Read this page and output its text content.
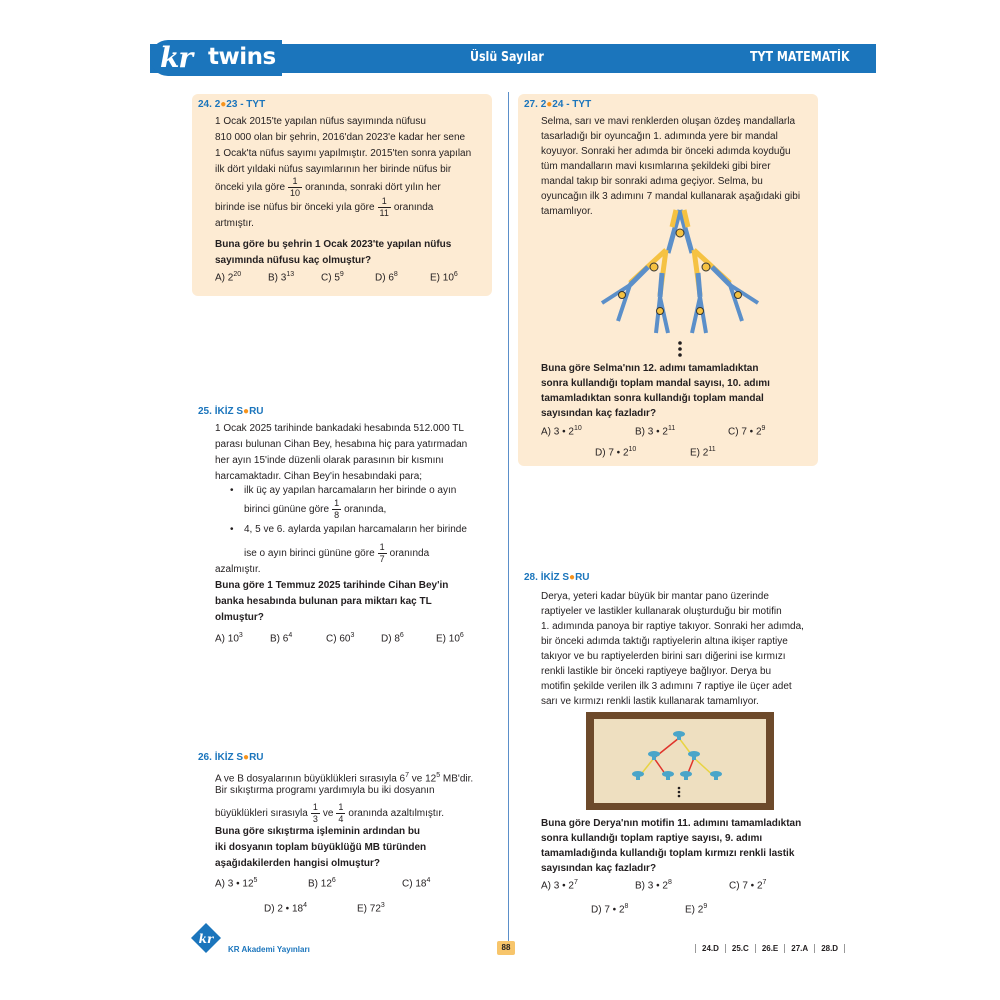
kr twins	Üslü Sayılar	TYT MATEMATİK
24. 2●23 - TYT
1 Ocak 2015'te yapılan nüfus sayımında nüfusu
810 000 olan bir şehrin, 2016'dan 2023'e kadar her sene
1 Ocak'ta nüfus sayımı yapılmıştır. 2015'ten sonra yapılan
ilk dört yıldaki nüfus sayımlarının her birinde nüfus bir
önceki yıla göre $\frac{1}{10}$ oranında, sonraki dört yılın her
birinde ise nüfus bir önceki yıla göre $\frac{1}{11}$ oranında
artmıştır.
Buna göre bu şehrin 1 Ocak 2023'te yapılan nüfus
sayımında nüfusu kaç olmuştur?
A) $2^{20}$	B) $3^{13}$	C) $5^9$	D) $6^8$	E) $10^6$
25. İKİZ S●RU
1 Ocak 2025 tarihinde bankadaki hesabında 512.000 TL
parası bulunan Cihan Bey, hesabına hiç para yatırmadan
her ayın 15'inde düzenli olarak parasının bir kısmını
harcamaktadır. Cihan Bey'in hesabındaki para;
• ilk üç ay yapılan harcamaların her birinde o ayın
birinci gününe göre $\frac{1}{8}$ oranında,
• 4, 5 ve 6. aylarda yapılan harcamaların her birinde
ise o ayın birinci gününe göre $\frac{1}{7}$ oranında
azalmıştır.
Buna göre 1 Temmuz 2025 tarihinde Cihan Bey'in
banka hesabında bulunan para miktarı kaç TL
olmuştur?
A) $10^3$	B) $6^4$	C) $60^3$	D) $8^6$	E) $10^6$
26. İKİZ S●RU
A ve B dosyalarının büyüklükleri sırasıyla $6^7$ ve $12^5$ MB'dir.
Bir sıkıştırma programı yardımıyla bu iki dosyanın
büyüklükleri sırasıyla $\frac{1}{3}$ ve $\frac{1}{4}$ oranında azaltılmıştır.
Buna göre sıkıştırma işleminin ardından bu
iki dosyanın toplam büyüklüğü MB türünden
aşağıdakilerden hangisi olmuştur?
A) 3 • $12^5$	B) $12^6$	C) $18^4$
D) 2 • $18^4$	E) $72^3$
27. 2●24 - TYT
Selma, sarı ve mavi renklerden oluşan özdeş mandallarla
tasarladığı bir oyuncağın 1. adımında yere bir mandal
koyuyor. Sonraki her adımda bir önceki adımda koyduğu
tüm mandalların mavi kısımlarına şekildeki gibi birer
mandal takıp bir sonraki adıma geçiyor. Selma, bu
oyuncağın ilk 3 adımını 7 mandal kullanarak aşağıdaki gibi
tamamlıyor.
Buna göre Selma'nın 12. adımı tamamladıktan
sonra kullandığı toplam mandal sayısı, 10. adımı
tamamladıktan sonra kullandığı toplam mandal
sayısından kaç fazladır?
A) 3 • $2^{10}$	B) 3 • $2^{11}$	C) 7 • $2^9$
D) 7 • $2^{10}$	E) $2^{11}$
28. İKİZ S●RU
Derya, yeteri kadar büyük bir mantar pano üzerinde
raptiyeler ve lastikler kullanarak oluşturduğu bir motifin
1. adımında panoya bir raptiye takıyor. Sonraki her adımda,
bir önceki adımda taktığı raptiyelerin altına ikişer raptiye
takıyor ve bu raptiyelerden birini sarı diğerini ise kırmızı
renkli lastikle bir önceki raptiyeye bağlıyor. Derya bu
motifin şekilde verilen ilk 3 adımını 7 raptiye ile üçer adet
sarı ve kırmızı renkli lastik kullanarak tamamlıyor.
Buna göre Derya'nın motifin 11. adımını tamamladıktan
sonra kullandığı toplam raptiye sayısı, 9. adımı
tamamladığında kullandığı toplam kırmızı renkli lastik
sayısından kaç fazladır?
A) 3 • $2^7$	B) 3 • $2^8$	C) 7 • $2^7$
D) 7 • $2^8$	E) $2^9$
kr
KR Akademi Yayınları	88	24.D 25.C 26.E 27.A 28.D
